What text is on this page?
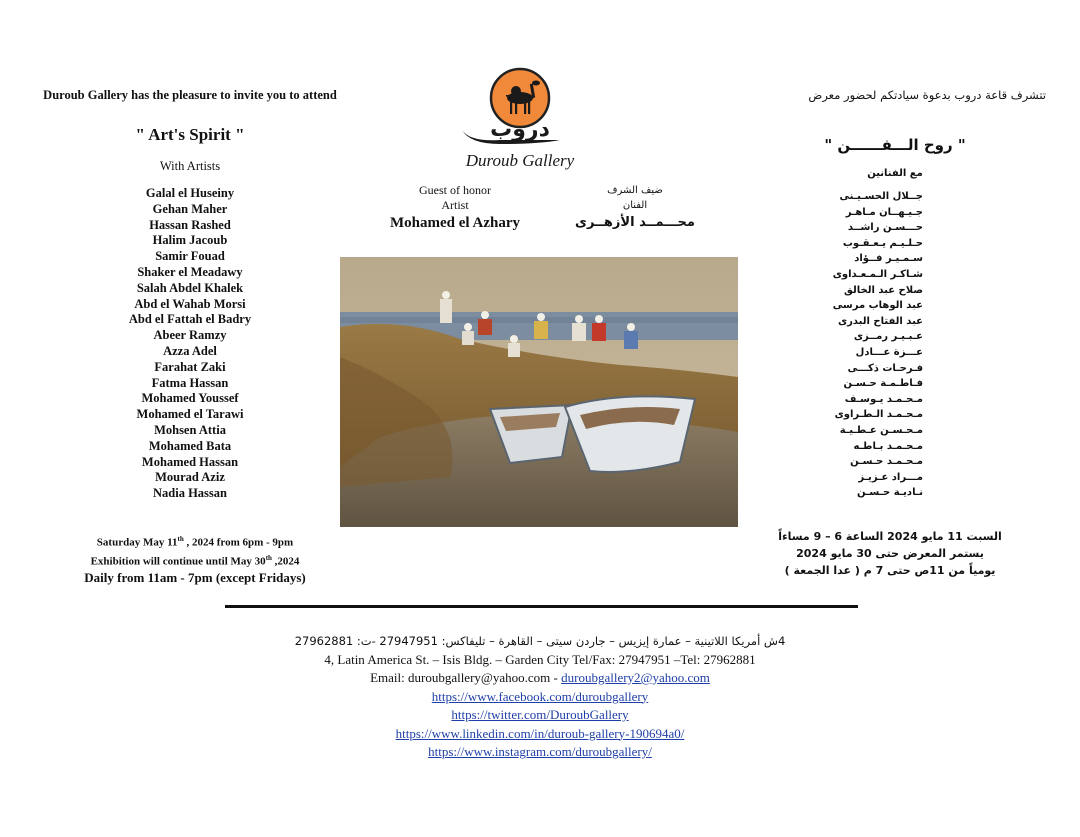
Duroub Gallery has the pleasure to invite you to attend
" Art's Spirit "
With Artists
Galal el Huseiny
Gehan Maher
Hassan Rashed
Halim Jacoub
Samir Fouad
Shaker el Meadawy
Salah Abdel Khalek
Abd el Wahab Morsi
Abd el Fattah el Badry
Abeer Ramzy
Azza Adel
Farahat Zaki
Fatma Hassan
Mohamed Youssef
Mohamed el Tarawi
Mohsen Attia
Mohamed Bata
Mohamed Hassan
Mourad Aziz
Nadia Hassan
Saturday May 11th , 2024 from 6pm - 9pm
Exhibition will continue until May 30th ,2024
Daily from 11am - 7pm (except Fridays)
دروب
Duroub Gallery
Guest of honor
Artist
Mohamed el Azhary
ضيف الشرف
الفنان
محـــمــد الأزهــرى
تتشرف قاعة دروب بدعوة سيادتكم لحضور معرض
" روح الـــفــــــن "
مع الفنانين
جــلال الحسـيـنى
جـيـهــان مـاهـر
حـــسـن راشــد
حـلـيـم يـعـقـوب
سـمـيـر فــؤاد
شـاكـر الـمـعـداوى
صلاح عبد الخالق
عبد الوهاب مرسى
عبد الفتاح البدرى
عـبـيـر رمــزى
عـــزة عـــادل
فـرحـات ذكـــى
فـاطـمـة حـسـن
مـحـمـد يـوسـف
مـحـمـد الـطـراوى
مـحـسـن عـطـيـة
مـحـمـد بـاطـه
مـحـمـد حـسـن
مـــراد عـزيـز
نـاديـة حـسـن
السبت 11 مايو 2024 الساعة 6 – 9 مساءاً
يستمر المعرض حتى 30 مايو 2024
يومياً من 11ص حتى 7 م ( عدا الجمعة )
4ش أمريكا اللاتينية – عمارة إيزيس – جاردن سيتى – القاهرة – تليفاكس: 27947951 -ت: 27962881
4, Latin America St. – Isis Bldg. – Garden City Tel/Fax: 27947951 –Tel: 27962881
Email: duroubgallery@yahoo.com - duroubgallery2@yahoo.com
https://www.facebook.com/duroubgallery
https://twitter.com/DuroubGallery
https://www.linkedin.com/in/duroub-gallery-190694a0/
https://www.instagram.com/duroubgallery/
